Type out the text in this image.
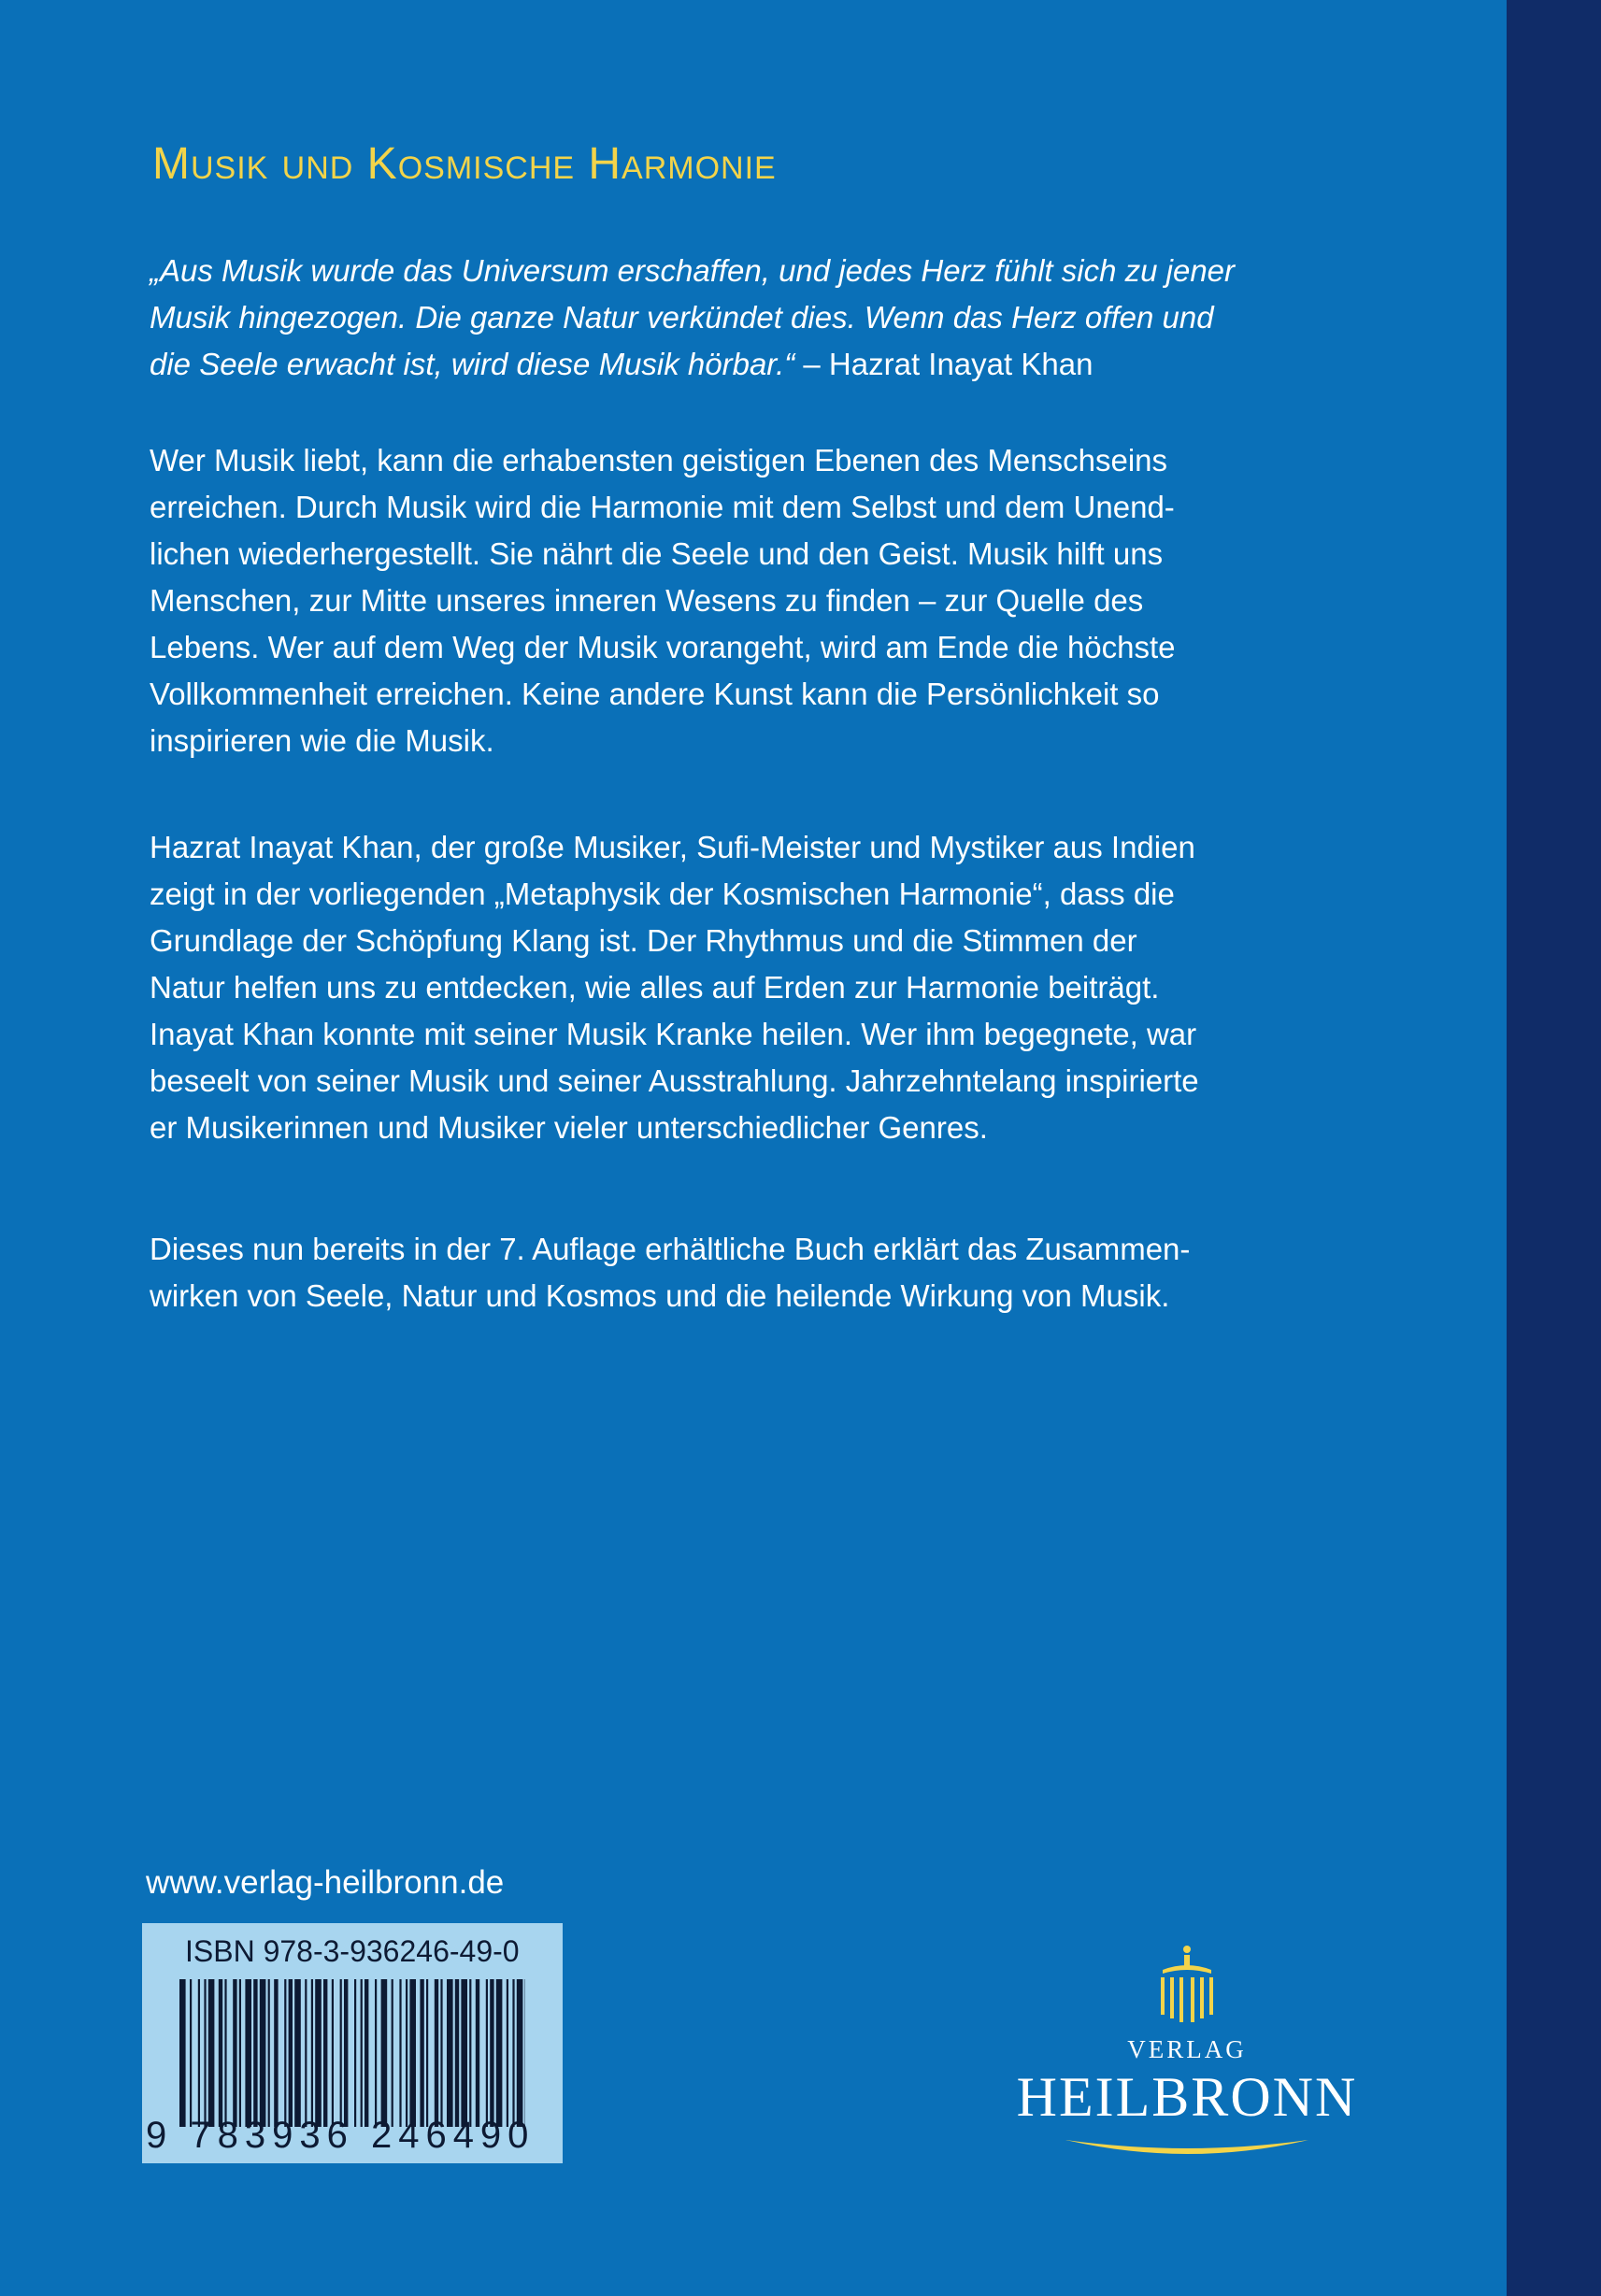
Musik und Kosmische Harmonie

„Aus Musik wurde das Universum erschaffen, und jedes Herz fühlt sich zu jener
Musik hingezogen. Die ganze Natur verkündet dies. Wenn das Herz offen und
die Seele erwacht ist, wird diese Musik hörbar.“ – Hazrat Inayat Khan

Wer Musik liebt, kann die erhabensten geistigen Ebenen des Menschseins
erreichen. Durch Musik wird die Harmonie mit dem Selbst und dem Unend-
lichen wiederhergestellt. Sie nährt die Seele und den Geist. Musik hilft uns
Menschen, zur Mitte unseres inneren Wesens zu finden – zur Quelle des
Lebens. Wer auf dem Weg der Musik vorangeht, wird am Ende die höchste
Vollkommenheit erreichen. Keine andere Kunst kann die Persönlichkeit so
inspirieren wie die Musik.

Hazrat Inayat Khan, der große Musiker, Sufi-Meister und Mystiker aus Indien
zeigt in der vorliegenden „Metaphysik der Kosmischen Harmonie“, dass die
Grundlage der Schöpfung Klang ist. Der Rhythmus und die Stimmen der
Natur helfen uns zu entdecken, wie alles auf Erden zur Harmonie beiträgt.
Inayat Khan konnte mit seiner Musik Kranke heilen. Wer ihm begegnete, war
beseelt von seiner Musik und seiner Ausstrahlung. Jahrzehntelang inspirierte
er Musikerinnen und Musiker vieler unterschiedlicher Genres.

Dieses nun bereits in der 7. Auflage erhältliche Buch erklärt das Zusammen-
wirken von Seele, Natur und Kosmos und die heilende Wirkung von Musik.

www.verlag-heilbronn.de
ISBN 978-3-936246-49-0
9 783936 246490
VERLAG
HEILBRONN
